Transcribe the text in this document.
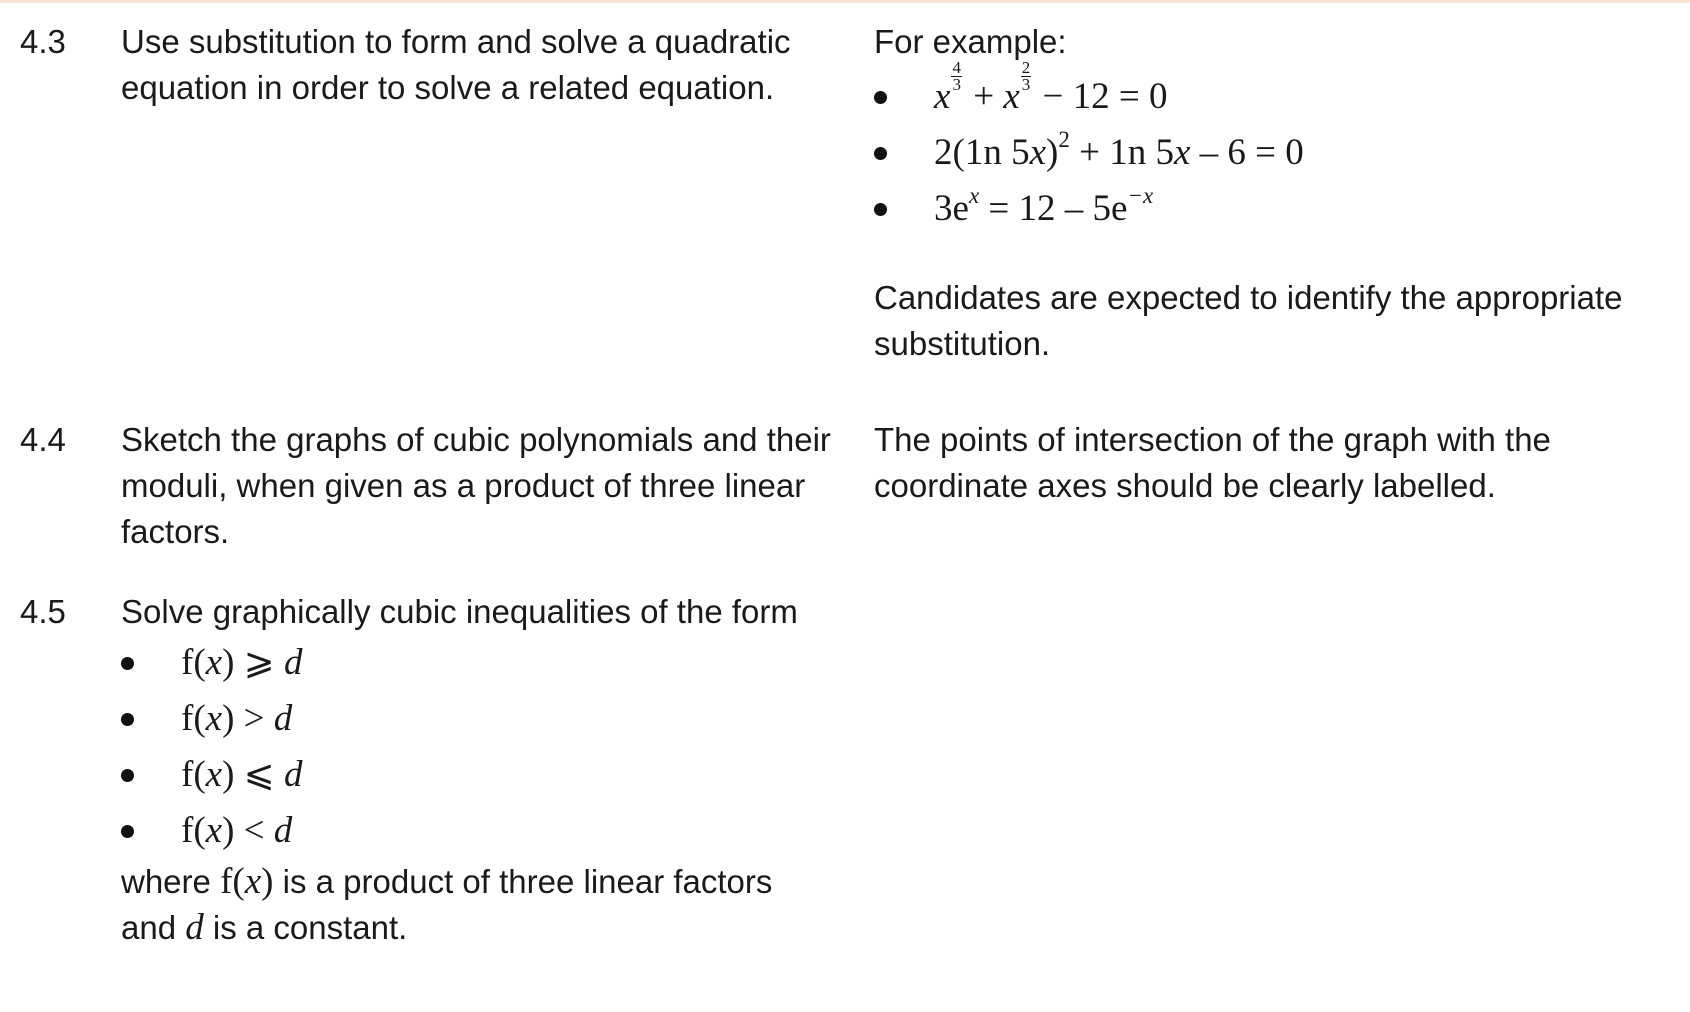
4.3 Use substitution to form and solve a quadratic equation in order to solve a related equation.

For example:

x $\frac{4}{3} + x \frac{2}{3} - 12 = 0$
2(1n 5x)$^2$ + 1n 5x – 6 = 0
$3e^x = 12 - 5e^{-x}$

Candidates are expected to identify the appropriate substitution.

4.4 Sketch the graphs of cubic polynomials and their moduli, when given as a product of three linear factors.

The points of intersection of the graph with the coordinate axes should be clearly labelled.

4.5 Solve graphically cubic inequalities of the form

f(x) ⩾ d
f(x) > d
f(x) ⩽ d
f(x) < d

where f(x) is a product of three linear factors

and d is a constant.
